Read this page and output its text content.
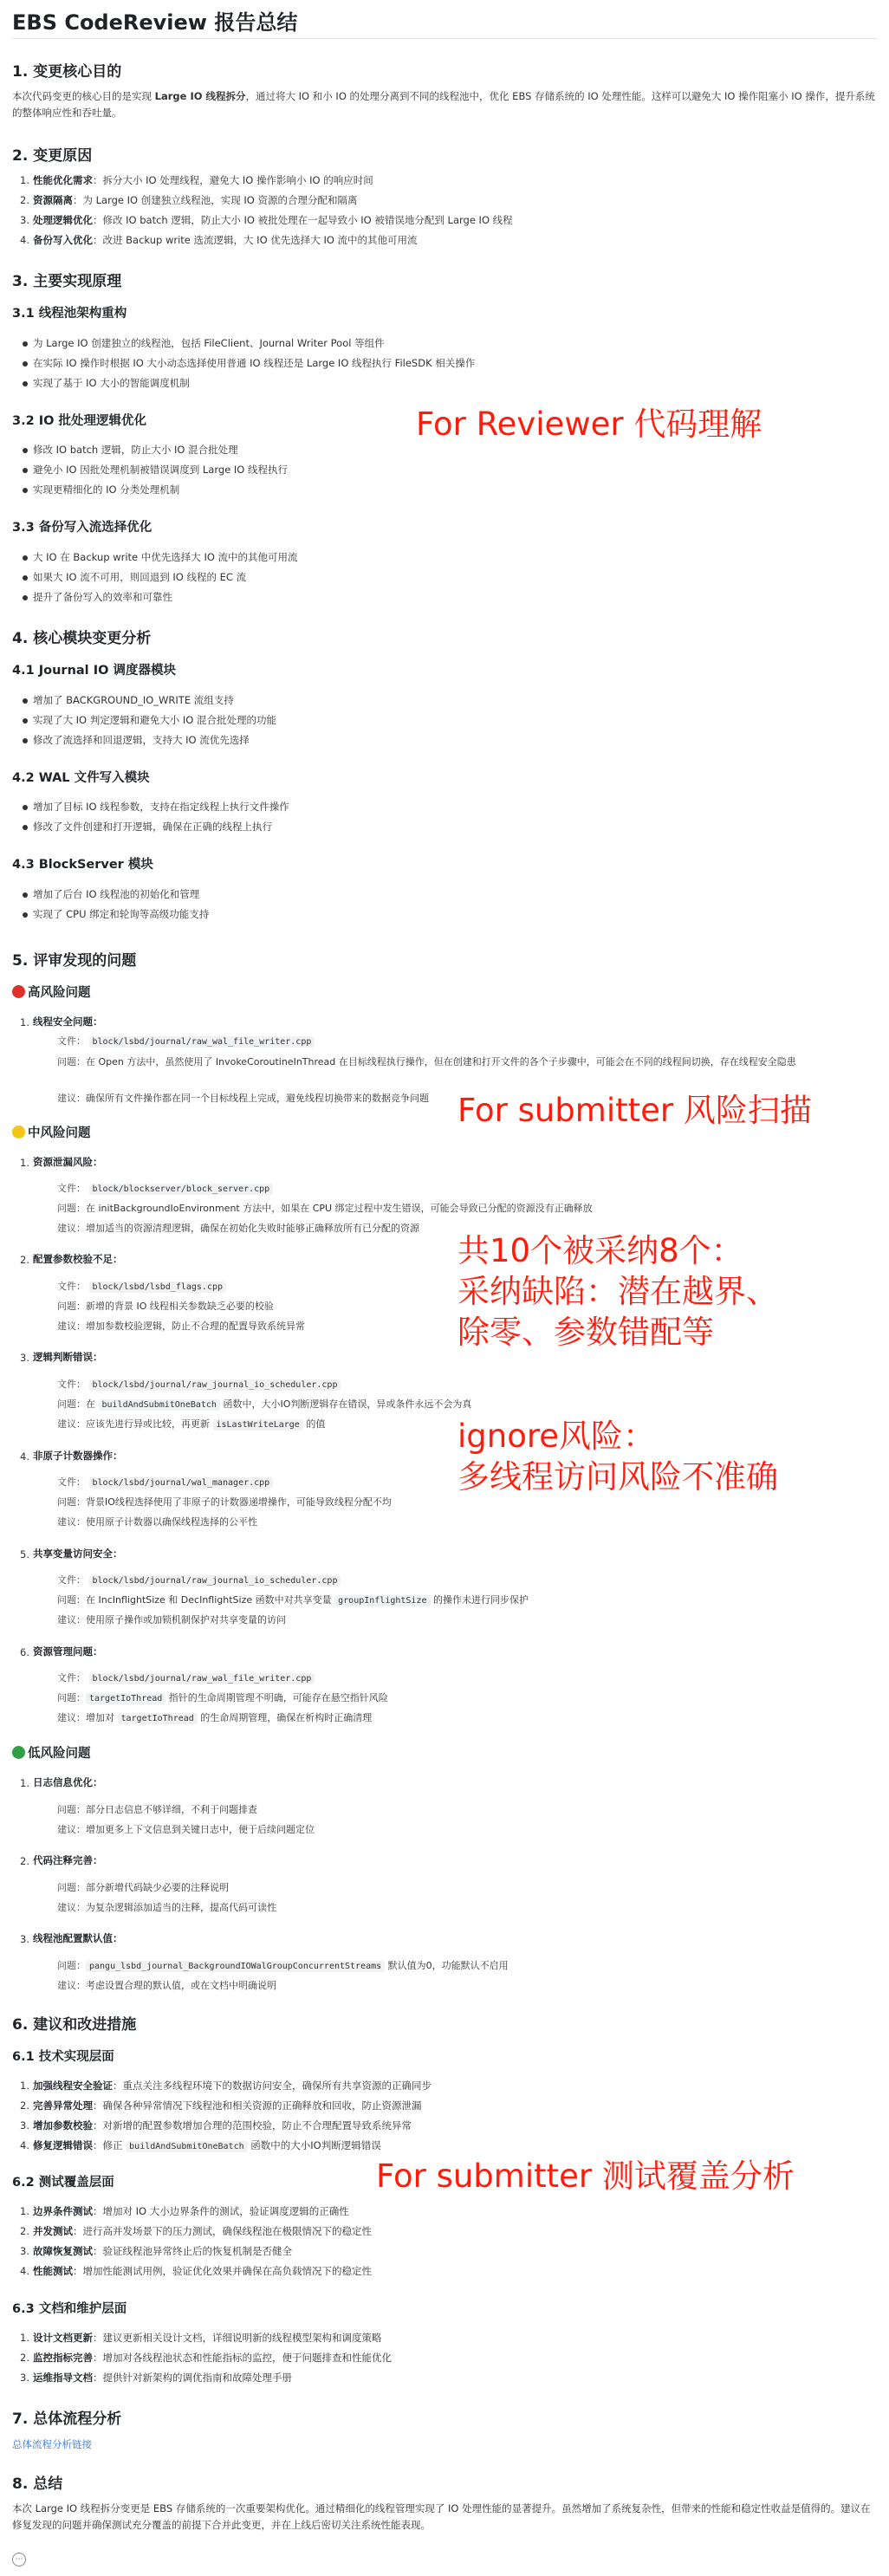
EBS CodeReview 报告总结
1. 变更核心目的
本次代码变更的核心目的是实现 Large IO 线程拆分，通过将大 IO 和小 IO 的处理分离到不同的线程池中，优化 EBS 存储系统的 IO 处理性能。这样可以避免大 IO 操作阻塞小 IO 操作，提升系统的整体响应性和吞吐量。
2. 变更原因
1. 性能优化需求：拆分大小 IO 处理线程，避免大 IO 操作影响小 IO 的响应时间
2. 资源隔离：为 Large IO 创建独立线程池，实现 IO 资源的合理分配和隔离
3. 处理逻辑优化：修改 IO batch 逻辑，防止大小 IO 被批处理在一起导致小 IO 被错误地分配到 Large IO 线程
4. 备份写入优化：改进 Backup write 选流逻辑，大 IO 优先选择大 IO 流中的其他可用流
3. 主要实现原理
3.1 线程池架构重构
为 Large IO 创建独立的线程池，包括 FileClient、Journal Writer Pool 等组件
在实际 IO 操作时根据 IO 大小动态选择使用普通 IO 线程还是 Large IO 线程执行 FileSDK 相关操作
实现了基于 IO 大小的智能调度机制
3.2 IO 批处理逻辑优化
修改 IO batch 逻辑，防止大小 IO 混合批处理
避免小 IO 因批处理机制被错误调度到 Large IO 线程执行
实现更精细化的 IO 分类处理机制
3.3 备份写入流选择优化
大 IO 在 Backup write 中优先选择大 IO 流中的其他可用流
如果大 IO 流不可用，则回退到 IO 线程的 EC 流
提升了备份写入的效率和可靠性
4. 核心模块变更分析
4.1 Journal IO 调度器模块
增加了 BACKGROUND_IO_WRITE 流组支持
实现了大 IO 判定逻辑和避免大小 IO 混合批处理的功能
修改了流选择和回退逻辑，支持大 IO 流优先选择
4.2 WAL 文件写入模块
增加了目标 IO 线程参数，支持在指定线程上执行文件操作
修改了文件创建和打开逻辑，确保在正确的线程上执行
4.3 BlockServer 模块
增加了后台 IO 线程池的初始化和管理
实现了 CPU 绑定和轮询等高级功能支持
5. 评审发现的问题
高风险问题
1. 线程安全问题：
文件： block/lsbd/journal/raw_wal_file_writer.cpp
问题：在 Open 方法中，虽然使用了 InvokeCoroutineInThread 在目标线程执行操作，但在创建和打开文件的各个子步骤中，可能会在不同的线程间切换，存在线程安全隐患
建议：确保所有文件操作都在同一个目标线程上完成，避免线程切换带来的数据竞争问题
中风险问题
1. 资源泄漏风险：
文件： block/blockserver/block_server.cpp
问题：在 initBackgroundIoEnvironment 方法中，如果在 CPU 绑定过程中发生错误，可能会导致已分配的资源没有正确释放
建议：增加适当的资源清理逻辑，确保在初始化失败时能够正确释放所有已分配的资源
2. 配置参数校验不足：
文件： block/lsbd/lsbd_flags.cpp
问题：新增的背景 IO 线程相关参数缺乏必要的校验
建议：增加参数校验逻辑，防止不合理的配置导致系统异常
3. 逻辑判断错误：
文件： block/lsbd/journal/raw_journal_io_scheduler.cpp
问题：在 buildAndSubmitOneBatch 函数中，大小IO判断逻辑存在错误，异或条件永远不会为真
建议：应该先进行异或比较，再更新 isLastWriteLarge 的值
4. 非原子计数器操作：
文件： block/lsbd/journal/wal_manager.cpp
问题：背景IO线程选择使用了非原子的计数器递增操作，可能导致线程分配不均
建议：使用原子计数器以确保线程选择的公平性
5. 共享变量访问安全：
文件： block/lsbd/journal/raw_journal_io_scheduler.cpp
问题：在 IncInflightSize 和 DecInflightSize 函数中对共享变量 groupInflightSize 的操作未进行同步保护
建议：使用原子操作或加锁机制保护对共享变量的访问
6. 资源管理问题：
文件： block/lsbd/journal/raw_wal_file_writer.cpp
问题： targetIoThread 指针的生命周期管理不明确，可能存在悬空指针风险
建议：增加对 targetIoThread 的生命周期管理，确保在析构时正确清理
低风险问题
1. 日志信息优化：
问题：部分日志信息不够详细，不利于问题排查
建议：增加更多上下文信息到关键日志中，便于后续问题定位
2. 代码注释完善：
问题：部分新增代码缺少必要的注释说明
建议：为复杂逻辑添加适当的注释，提高代码可读性
3. 线程池配置默认值：
问题： pangu_lsbd_journal_BackgroundIOWalGroupConcurrentStreams 默认值为0，功能默认不启用
建议：考虑设置合理的默认值，或在文档中明确说明
6. 建议和改进措施
6.1 技术实现层面
1. 加强线程安全验证：重点关注多线程环境下的数据访问安全，确保所有共享资源的正确同步
2. 完善异常处理：确保各种异常情况下线程池和相关资源的正确释放和回收，防止资源泄漏
3. 增加参数校验：对新增的配置参数增加合理的范围校验，防止不合理配置导致系统异常
4. 修复逻辑错误：修正 buildAndSubmitOneBatch 函数中的大小IO判断逻辑错误
6.2 测试覆盖层面
1. 边界条件测试：增加对 IO 大小边界条件的测试，验证调度逻辑的正确性
2. 并发测试：进行高并发场景下的压力测试，确保线程池在极限情况下的稳定性
3. 故障恢复测试：验证线程池异常终止后的恢复机制是否健全
4. 性能测试：增加性能测试用例，验证优化效果并确保在高负载情况下的稳定性
6.3 文档和维护层面
1. 设计文档更新：建议更新相关设计文档，详细说明新的线程模型架构和调度策略
2. 监控指标完善：增加对各线程池状态和性能指标的监控，便于问题排查和性能优化
3. 运维指导文档：提供针对新架构的调优指南和故障处理手册
7. 总体流程分析
总体流程分析链接
8. 总结
本次 Large IO 线程拆分变更是 EBS 存储系统的一次重要架构优化。通过精细化的线程管理实现了 IO 处理性能的显著提升。虽然增加了系统复杂性，但带来的性能和稳定性收益是值得的。建议在修复发现的问题并确保测试充分覆盖的前提下合并此变更，并在上线后密切关注系统性能表现。
⋯
For Reviewer 代码理解
For submitter 风险扫描
共10个被采纳8个：
采纳缺陷：潜在越界、
除零、参数错配等
ignore风险：
多线程访问风险不准确
For submitter 测试覆盖分析
